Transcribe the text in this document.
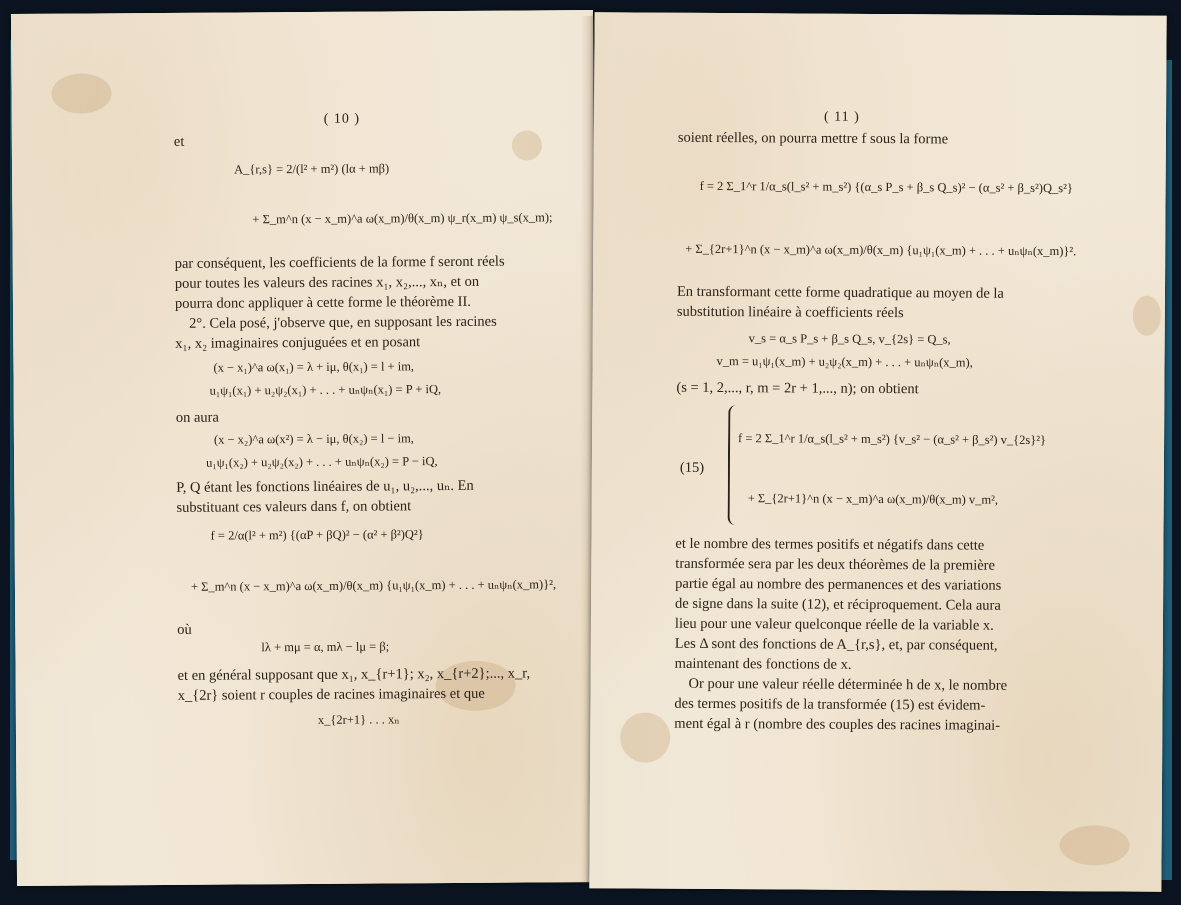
( 10 )
et
A_{r,s} = 2/(l² + m²) (lα + mβ)
+ Σ_m^n (x − x_m)^a ω(x_m)/θ(x_m) ψ_r(x_m) ψ_s(x_m);
par conséquent, les coefficients de la forme f seront réels
pour toutes les valeurs des racines x₁, x₂,..., xₙ, et on
pourra donc appliquer à cette forme le théorème II.
2°. Cela posé, j'observe que, en supposant les racines
x₁, x₂ imaginaires conjuguées et en posant
(x − x₁)^a ω(x₁) = λ + iμ, θ(x₁) = l + im,
u₁ψ₁(x₁) + u₂ψ₂(x₁) + . . . + uₙψₙ(x₁) = P + iQ,
on aura
(x − x₂)^a ω(x²) = λ − iμ, θ(x₂) = l − im,
u₁ψ₁(x₂) + u₂ψ₂(x₂) + . . . + uₙψₙ(x₂) = P − iQ,
P, Q étant les fonctions linéaires de u₁, u₂,..., uₙ. En
substituant ces valeurs dans f, on obtient
f = 2/α(l² + m²) {(αP + βQ)² − (α² + β²)Q²}
+ Σ_m^n (x − x_m)^a ω(x_m)/θ(x_m) {u₁ψ₁(x_m) + . . . + uₙψₙ(x_m)}²,
où
lλ + mμ = α, mλ − lμ = β;
et en général supposant que x₁, x_{r+1}; x₂, x_{r+2};..., x_r,
x_{2r} soient r couples de racines imaginaires et que
x_{2r+1} . . . xₙ
( 11 )
soient réelles, on pourra mettre f sous la forme
f = 2 Σ_1^r 1/α_s(l_s² + m_s²) {(α_s P_s + β_s Q_s)² − (α_s² + β_s²)Q_s²}
+ Σ_{2r+1}^n (x − x_m)^a ω(x_m)/θ(x_m) {u₁ψ₁(x_m) + . . . + uₙψₙ(x_m)}².
En transformant cette forme quadratique au moyen de la
substitution linéaire à coefficients réels
v_s = α_s P_s + β_s Q_s, v_{2s} = Q_s,
v_m = u₁ψ₁(x_m) + u₂ψ₂(x_m) + . . . + uₙψₙ(x_m),
(s = 1, 2,..., r, m = 2r + 1,..., n); on obtient
(15)
f = 2 Σ_1^r 1/α_s(l_s² + m_s²) {v_s² − (α_s² + β_s²) v_{2s}²}
+ Σ_{2r+1}^n (x − x_m)^a ω(x_m)/θ(x_m) v_m²,
et le nombre des termes positifs et négatifs dans cette
transformée sera par les deux théorèmes de la première
partie égal au nombre des permanences et des variations
de signe dans la suite (12), et réciproquement. Cela aura
lieu pour une valeur quelconque réelle de la variable x.
Les Δ sont des fonctions de A_{r,s}, et, par conséquent,
maintenant des fonctions de x.
Or pour une valeur réelle déterminée h de x, le nombre
des termes positifs de la transformée (15) est évidem-
ment égal à r (nombre des couples des racines imaginai-
